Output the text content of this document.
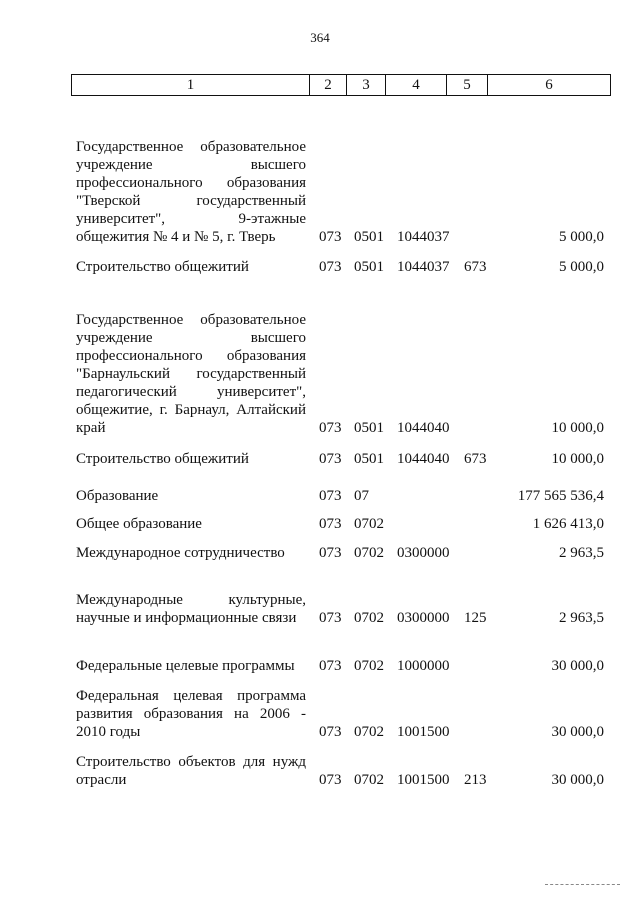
364
1	2	3	4	5	6
Государственное образовательное учреждение высшего профессионального образования "Тверской государственный университет", 9-этажные общежития № 4 и № 5, г. Тверь	073 0501 1044037	5 000,0
Строительство общежитий	073 0501 1044037 673	5 000,0
Государственное образовательное учреждение высшего профессионального образования "Барнаульский государственный педагогический университет", общежитие, г. Барнаул, Алтайский край	073 0501 1044040	10 000,0
Строительство общежитий	073 0501 1044040 673	10 000,0
Образование	073 07	177 565 536,4
Общее образование	073 0702	1 626 413,0
Международное сотрудничество	073 0702 0300000	2 963,5
Международные культурные, научные и информационные связи	073 0702 0300000 125	2 963,5
Федеральные целевые программы	073 0702 1000000	30 000,0
Федеральная целевая программа развития образования на 2006 - 2010 годы	073 0702 1001500	30 000,0
Строительство объектов для нужд отрасли	073 0702 1001500 213	30 000,0
